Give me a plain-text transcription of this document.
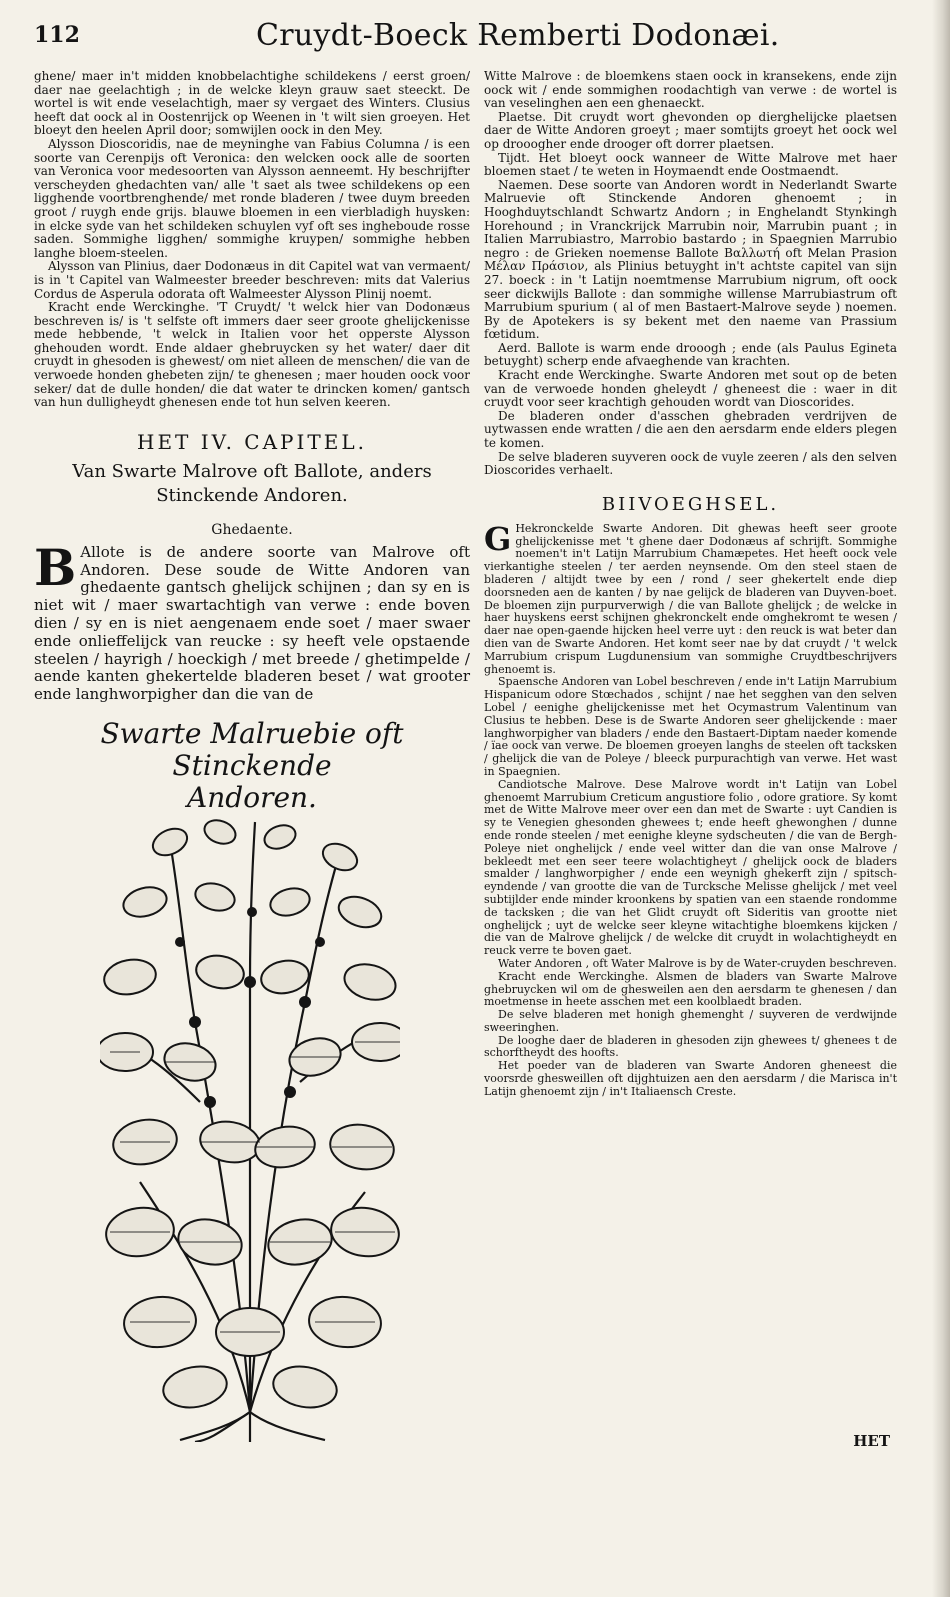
112	Cruydt-Boeck Remberti Dodonæi.

ghene/ maer in't midden knobbelachtighe schildekens / eerst groen/ daer nae geelachtigh ; in de welcke kleyn grauw saet steeckt. De wortel is wit ende veselachtigh, maer sy vergaet des Winters. Clusius heeft dat oock al in Oostenrijck op Weenen in 't wilt sien groeyen. Het bloeyt den heelen April door; somwijlen oock in den Mey.

Alysson Dioscoridis, nae de meyninghe van Fabius Columna / is een soorte van Cerenpijs oft Veronica: den welcken oock alle de soorten van Veronica voor medesoorten van Alysson aenneemt. Hy beschrijfter verscheyden ghedachten van/ alle 't saet als twee schildekens op een ligghende voortbrenghende/ met ronde bladeren / twee duym breeden groot / ruygh ende grijs. blauwe bloemen in een vierbladigh huysken: in elcke syde van het schildeken schuylen vyf oft ses ingheboude rosse saden. Sommighe ligghen/ sommighe kruypen/ sommighe hebben langhe bloem-steelen.

Alysson van Plinius, daer Dodonæus in dit Capitel wat van vermaent/ is in 't Capitel van Walmeester breeder beschreven: mits dat Valerius Cordus de Asperula odorata oft Walmeester Alysson Plinij noemt.

Kracht ende Werckinghe. 'T Cruydt/ 't welck hier van Dodonæus beschreven is/ is 't selfste oft immers daer seer groote ghelijckenisse mede hebbende, 't welck in Italien voor het opperste Alysson ghehouden wordt. Ende aldaer ghebruycken sy het water/ daer dit cruydt in ghesoden is ghewest/ om niet alleen de menschen/ die van de verwoede honden ghebeten zijn/ te ghenesen ; maer houden oock voor seker/ dat de dulle honden/ die dat water te drincken komen/ gantsch van hun dulligheydt ghenesen ende tot hun selven keeren.

HET IV. CAPITEL.
Van Swarte Malrove oft Ballote, anders
Stinckende Andoren.
Ghedaente.

B Allote is de andere soorte van Malrove oft Andoren. Dese soude de Witte Andoren van ghedaente gantsch ghelijck schijnen ; dan sy en is niet wit / maer swartachtigh van verwe : ende boven dien / sy en is niet aengenaem ende soet / maer swaer ende onlieffelijck van reucke : sy heeft vele opstaende steelen / hayrigh / hoeckigh / met breede / ghetimpelde / aende kanten ghekertelde bladeren beset / wat grooter ende langhworpigher dan die van de

Swarte Malruebie oft Stinckende
Andoren.

Witte Malrove : de bloemkens staen oock in kransekens, ende zijn oock wit / ende sommighen roodachtigh van verwe : de wortel is van veselinghen aen een ghenaeckt.

Plaetse. Dit cruydt wort ghevonden op dierghelijcke plaetsen daer de Witte Andoren groeyt ; maer somtijts groeyt het oock wel op drooogher ende drooger oft dorrer plaetsen.

Tijdt. Het bloeyt oock wanneer de Witte Malrove met haer bloemen staet / te weten in Hoymaendt ende Oostmaendt.

Naemen. Dese soorte van Andoren wordt in Nederlandt Swarte Malruevie oft Stinckende Andoren ghenoemt ; in Hooghduytschlandt Schwartz Andorn ; in Enghelandt Stynkingh Horehound ; in Vranckrijck Marrubin noir, Marrubin puant ; in Italien Marrubiastro, Marrobio bastardo ; in Spaegnien Marrubio negro : de Grieken noemense Ballote Βαλλωτή oft Melan Prasion Μέλαν Πράσιον, als Plinius betuyght in't achtste capitel van sijn 27. boeck : in 't Latijn noemtmense Marrubium nigrum, oft oock seer dickwijls Ballote : dan sommighe willense Marrubiastrum oft Marrubium spurium ( al of men Bastaert-Malrove seyde ) noemen. By de Apotekers is sy bekent met den naeme van Prassium fœtidum.

Aerd. Ballote is warm ende drooogh ; ende (als Paulus Egineta betuyght) scherp ende afvaeghende van krachten.

Kracht ende Werckinghe. Swarte Andoren met sout op de beten van de verwoede honden gheleydt / gheneest die : waer in dit cruydt voor seer krachtigh gehouden wordt van Dioscorides.

De bladeren onder d'asschen ghebraden verdrijven de uytwassen ende wratten / die aen den aersdarm ende elders plegen te komen.

De selve bladeren suyveren oock de vuyle zeeren / als den selven Dioscorides verhaelt.

BIIVOEGHSEL.

G Hekronckelde Swarte Andoren. Dit ghewas heeft seer groote ghelijckenisse met 't ghene daer Dodonæus af schrijft. Sommighe noemen't in't Latijn Marrubium Chamæpetes. Het heeft oock vele vierkantighe steelen / ter aerden neynsende. Om den steel staen de bladeren / altijdt twee by een / rond / seer ghekertelt ende diep doorsneden aen de kanten / by nae gelijck de bladeren van Duyven-boet. De bloemen zijn purpurverwigh / die van Ballote ghelijck ; de welcke in haer huyskens eerst schijnen ghekronckelt ende omghekromt te wesen / daer nae open-gaende hijcken heel verre uyt : den reuck is wat beter dan dien van de Swarte Andoren. Het komt seer nae by dat cruydt / 't welck Marrubium crispum Lugdunensium van sommighe Cruydtbeschrijvers ghenoemt is.

Spaensche Andoren van Lobel beschreven / ende in't Latijn Marrubium Hispanicum odore Stœchados , schijnt / nae het segghen van den selven Lobel / eenighe ghelijckenisse met het Ocymastrum Valentinum van Clusius te hebben. Dese is de Swarte Andoren seer ghelijckende : maer langhworpigher van bladers / ende den Bastaert-Diptam naeder komende / ïae oock van verwe. De bloemen groeyen langhs de steelen oft tacksken / ghelijck die van de Poleye / bleeck purpurachtigh van verwe. Het wast in Spaegnien.

Candiotsche Malrove. Dese Malrove wordt in't Latijn van Lobel ghenoemt Marrubium Creticum angustiore folio , odore gratiore. Sy komt met de Witte Malrove meer over een dan met de Swarte : uyt Candien is sy te Venegien ghesonden ghewees t; ende heeft ghewonghen / dunne ende ronde steelen / met eenighe kleyne sydscheuten / die van de Bergh-Poleye niet onghelijck / ende veel witter dan die van onse Malrove / bekleedt met een seer teere wolachtigheyt / ghelijck oock de bladers smalder / langhworpigher / ende een weynigh ghekerft zijn / spitsch-eyndende / van grootte die van de Turcksche Melisse ghelijck / met veel subtijlder ende minder kroonkens by spatien van een staende rondomme de tacksken ; die van het Glidt cruydt oft Sideritis van grootte niet onghelijck ; uyt de welcke seer kleyne witachtighe bloemkens kijcken / die van de Malrove ghelijck / de welcke dit cruydt in wolachtigheydt en reuck verre te boven gaet.

Water Andoren , oft Water Malrove is by de Water-cruyden beschreven.

Kracht ende Werckinghe. Alsmen de bladers van Swarte Malrove ghebruycken wil om de ghesweilen aen den aersdarm te ghenesen / dan moetmense in heete asschen met een koolblaedt braden.

De selve bladeren met honigh ghemenght / suyveren de verdwijnde sweeringhen.

De looghe daer de bladeren in ghesoden zijn ghewees t/ ghenees t de schorftheydt des hoofts.

Het poeder van de bladeren van Swarte Andoren gheneest die voorsrde ghesweillen oft dijghtuizen aen den aersdarm / die Marisca in't Latijn ghenoemt zijn / in't Italiaensch Creste.

HET
